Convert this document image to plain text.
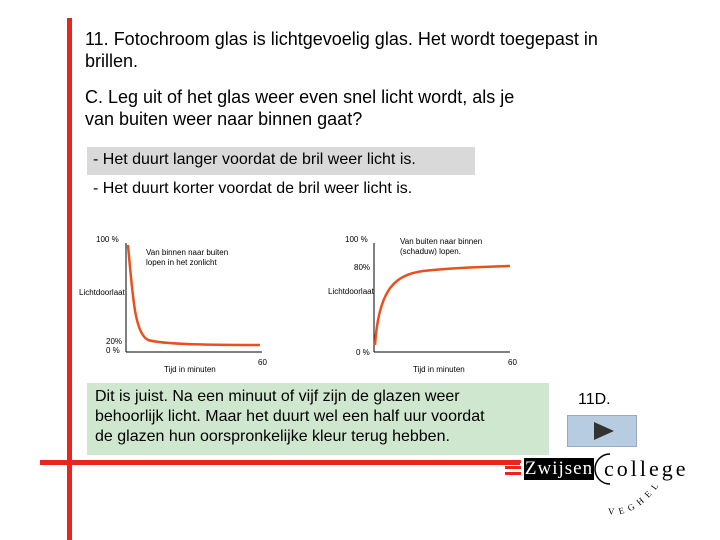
11. Fotochroom glas is lichtgevoelig glas. Het wordt toegepast in
brillen.
C. Leg uit of het glas weer even snel licht wordt, als je
van buiten weer naar binnen gaat?
- Het duurt langer voordat de bril weer licht is.
- Het duurt korter voordat de bril weer licht is.
100 %
Van binnen naar buiten
lopen in het zonlicht
Lichtdoorlaat
20%
0 %
Tijd in minuten
60
100 %	Van buiten naar binnen
(schaduw) lopen.
80%
Lichtdoorlaat
0 %
Tijd in minuten
60
Dit is juist. Na een minuut of vijf zijn de glazen weer
behoorlijk licht. Maar het duurt wel een half uur voordat
de glazen hun oorspronkelijke kleur terug hebben.
11D.
Zwijsen college
VEGHEL
